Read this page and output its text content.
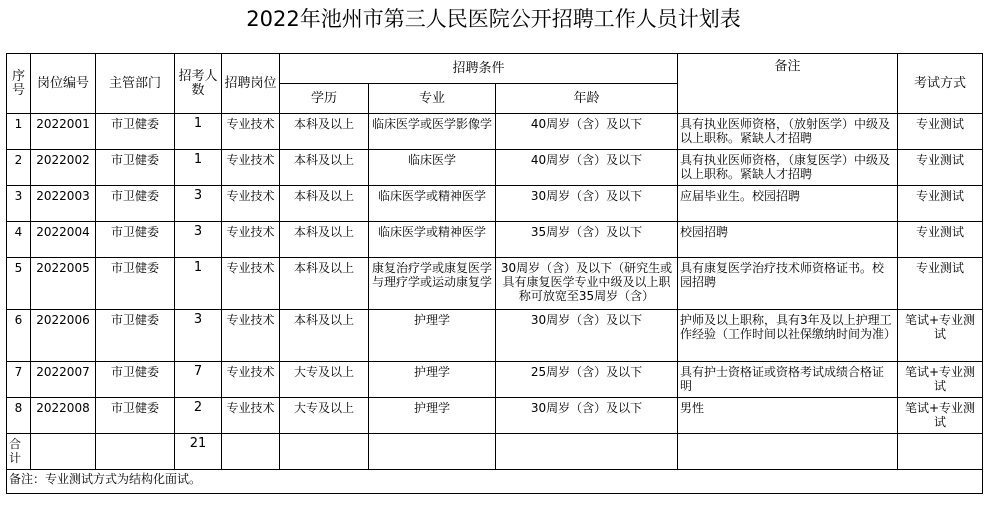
2022年池州市第三人民医院公开招聘工作人员计划表
序号	岗位编号	主管部门	招考人数	招聘岗位	招聘条件			备注	考试方式
					学历	专业	年龄		
1	2022001	市卫健委	1	专业技术	本科及以上	临床医学或医学影像学	40周岁（含）及以下	具有执业医师资格，（放射医学）中级及以上职称。紧缺人才招聘	专业测试
2	2022002	市卫健委	1	专业技术	本科及以上	临床医学	40周岁（含）及以下	具有执业医师资格，（康复医学）中级及以上职称。紧缺人才招聘	专业测试
3	2022003	市卫健委	3	专业技术	本科及以上	临床医学或精神医学	30周岁（含）及以下	应届毕业生。校园招聘	专业测试
4	2022004	市卫健委	3	专业技术	本科及以上	临床医学或精神医学	35周岁（含）及以下	校园招聘	专业测试
5	2022005	市卫健委	1	专业技术	本科及以上	康复治疗学或康复医学与理疗学或运动康复学	30周岁（含）及以下（研究生或具有康复医学专业中级及以上职称可放宽至35周岁（含）	具有康复医学治疗技术师资格证书。校园招聘	专业测试
6	2022006	市卫健委	3	专业技术	本科及以上	护理学	30周岁（含）及以下	护师及以上职称，具有3年及以上护理工作经验（工作时间以社保缴纳时间为准）	笔试+专业测试
7	2022007	市卫健委	7	专业技术	大专及以上	护理学	25周岁（含）及以下	具有护士资格证或资格考试成绩合格证明	笔试+专业测试
8	2022008	市卫健委	2	专业技术	大专及以上	护理学	30周岁（含）及以下	男性	笔试+专业测试
合计			21						
备注：专业测试方式为结构化面试。									
